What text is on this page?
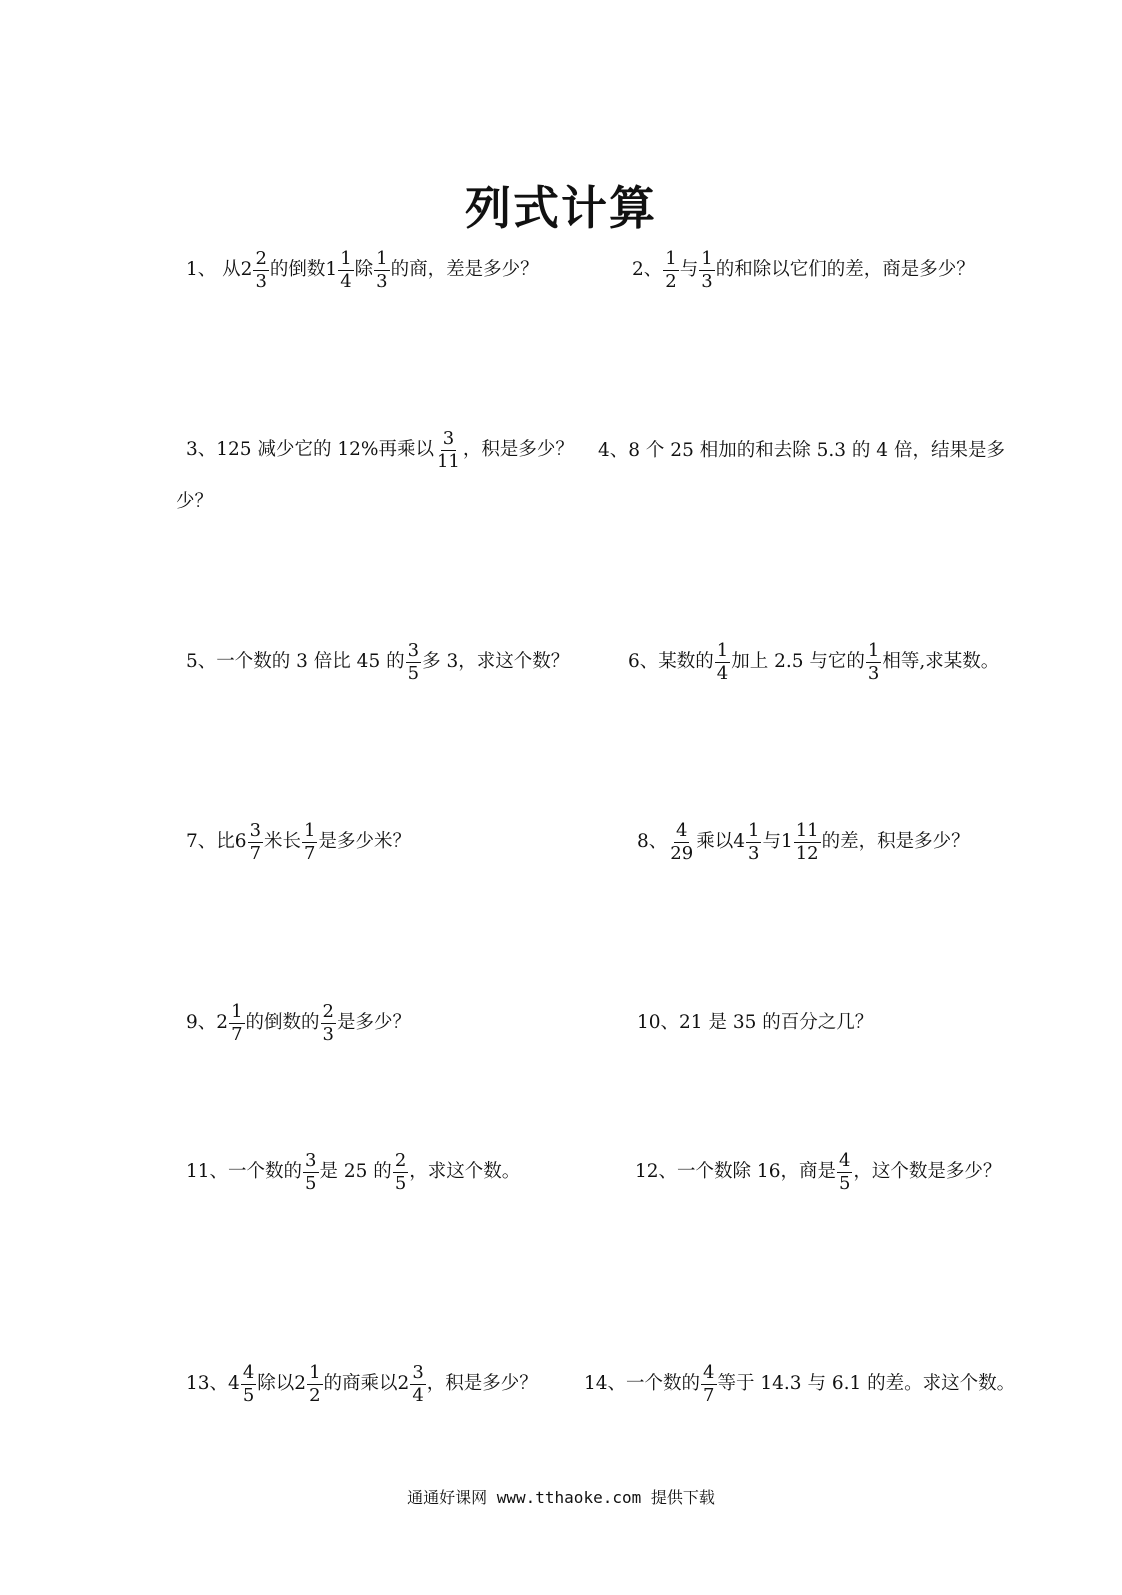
列式计算
1、 从 $2 \frac{2}{3}$ 的倒数 $1 \frac{1}{4}$ 除 $\frac{1}{3}$ 的商，差是多少？	2、 $\frac{1}{2}$ 与 $\frac{1}{3}$ 的和除以它们的差，商是多少？
3、125 减少它的 12%再乘以 $\frac{3}{11}$ ，积是多少？ 4、8 个 25 相加的和去除 5.3 的 4 倍，结果是多
少？
5、一个数的 3 倍比 45 的 $\frac{3}{5}$ 多 3，求这个数？	6、某数的 $\frac{1}{4}$ 加上 2.5 与它的 $\frac{1}{3}$ 相等,求某数。
7、比 $6 \frac{3}{7}$ 米长 $\frac{1}{7}$ 是多少米？	8、 $\frac{4}{29}$ 乘以 $4 \frac{1}{3}$ 与 $1 \frac{11}{12}$ 的差，积是多少？
9、 $2 \frac{1}{7}$ 的倒数的 $\frac{2}{3}$ 是多少？	10、21 是 35 的百分之几？
11、一个数的 $\frac{3}{5}$ 是 25 的 $\frac{2}{5}$ ，求这个数。	12、一个数除 16，商是 $\frac{4}{5}$ ，这个数是多少？
13、 $4 \frac{4}{5}$ 除以 $2 \frac{1}{2}$ 的商乘以 $2 \frac{3}{4}$ ，积是多少？ 14、一个数的 $\frac{4}{7}$ 等于 14.3 与 6.1 的差。求这个数。
通通好课网 www.tthaoke.com 提供下载
